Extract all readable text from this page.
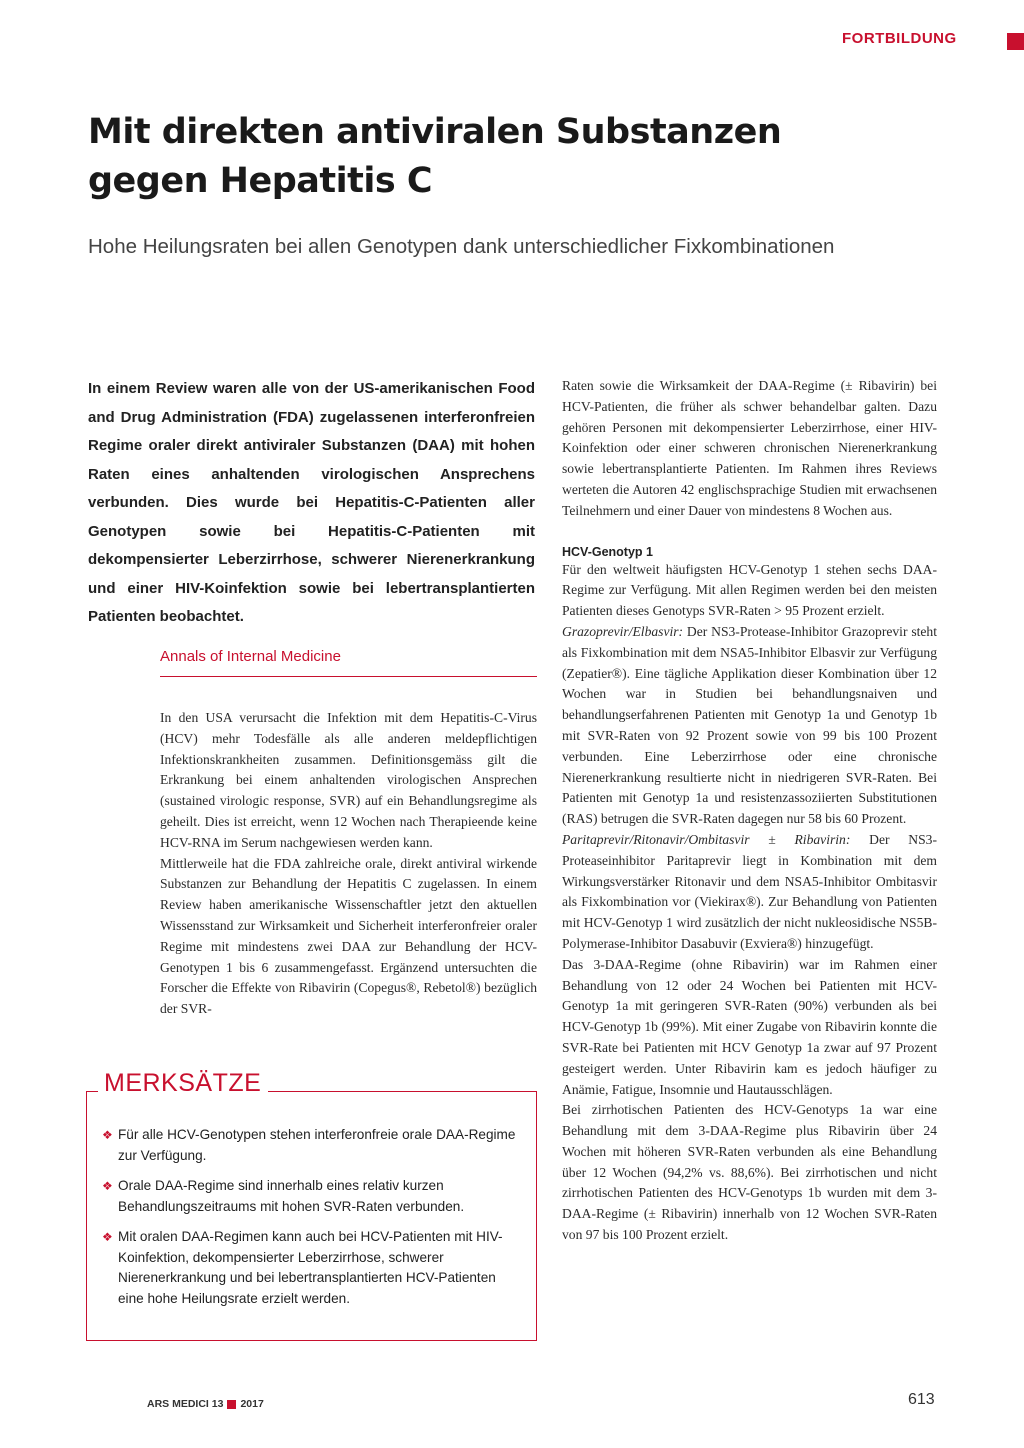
FORTBILDUNG
Mit direkten antiviralen Substanzen
gegen Hepatitis C

Hohe Heilungsraten bei allen Genotypen dank unterschiedlicher Fixkombinationen

In einem Review waren alle von der US-amerikanischen Food and Drug Administration (FDA) zugelassenen interferonfreien Regime oraler direkt antiviraler Substanzen (DAA) mit hohen Raten eines anhaltenden virologischen Ansprechens verbunden. Dies wurde bei Hepatitis-C-Patienten aller Genotypen sowie bei Hepatitis-C-Patienten mit dekompensierter Leberzirrhose, schwerer Nierenerkrankung und einer HIV-Koinfektion sowie bei lebertransplantierten Patienten beobachtet.

Annals of Internal Medicine

In den USA verursacht die Infektion mit dem Hepatitis-C-Virus (HCV) mehr Todesfälle als alle anderen meldepflichtigen Infektionskrankheiten zusammen. Definitionsgemäss gilt die Erkrankung bei einem anhaltenden virologischen Ansprechen (sustained virologic response, SVR) auf ein Behandlungsregime als geheilt. Dies ist erreicht, wenn 12 Wochen nach Therapieende keine HCV-RNA im Serum nachgewiesen werden kann.

Mittlerweile hat die FDA zahlreiche orale, direkt antiviral wirkende Substanzen zur Behandlung der Hepatitis C zugelassen. In einem Review haben amerikanische Wissenschaftler jetzt den aktuellen Wissensstand zur Wirksamkeit und Sicherheit interferonfreier oraler Regime mit mindestens zwei DAA zur Behandlung der HCV-Genotypen 1 bis 6 zusammengefasst. Ergänzend untersuchten die Forscher die Effekte von Ribavirin (Copegus®, Rebetol®) bezüglich der SVR-

Raten sowie die Wirksamkeit der DAA-Regime (± Ribavirin) bei HCV-Patienten, die früher als schwer behandelbar galten. Dazu gehören Personen mit dekompensierter Leberzirrhose, einer HIV-Koinfektion oder einer schweren chronischen Nierenerkrankung sowie lebertransplantierte Patienten. Im Rahmen ihres Reviews werteten die Autoren 42 englischsprachige Studien mit erwachsenen Teilnehmern und einer Dauer von mindestens 8 Wochen aus.

HCV-Genotyp 1

Für den weltweit häufigsten HCV-Genotyp 1 stehen sechs DAA-Regime zur Verfügung. Mit allen Regimen werden bei den meisten Patienten dieses Genotyps SVR-Raten > 95 Prozent erzielt.

Grazoprevir/Elbasvir: Der NS3-Protease-Inhibitor Grazoprevir steht als Fixkombination mit dem NSA5-Inhibitor Elbasvir zur Verfügung (Zepatier®). Eine tägliche Applikation dieser Kombination über 12 Wochen war in Studien bei behandlungsnaiven und behandlungserfahrenen Patienten mit Genotyp 1a und Genotyp 1b mit SVR-Raten von 92 Prozent sowie von 99 bis 100 Prozent verbunden. Eine Leberzirrhose oder eine chronische Nierenerkrankung resultierte nicht in niedrigeren SVR-Raten. Bei Patienten mit Genotyp 1a und resistenzassoziierten Substitutionen (RAS) betrugen die SVR-Raten dagegen nur 58 bis 60 Prozent.

Paritaprevir/Ritonavir/Ombitasvir ± Ribavirin: Der NS3-Proteaseinhibitor Paritaprevir liegt in Kombination mit dem Wirkungsverstärker Ritonavir und dem NSA5-Inhibitor Ombitasvir als Fixkombination vor (Viekirax®). Zur Behandlung von Patienten mit HCV-Genotyp 1 wird zusätzlich der nicht nukleosidische NS5B-Polymerase-Inhibitor Dasabuvir (Exviera®) hinzugefügt.

Das 3-DAA-Regime (ohne Ribavirin) war im Rahmen einer Behandlung von 12 oder 24 Wochen bei Patienten mit HCV-Genotyp 1a mit geringeren SVR-Raten (90%) verbunden als bei HCV-Genotyp 1b (99%). Mit einer Zugabe von Ribavirin konnte die SVR-Rate bei Patienten mit HCV Genotyp 1a zwar auf 97 Prozent gesteigert werden. Unter Ribavirin kam es jedoch häufiger zu Anämie, Fatigue, Insomnie und Hautausschlägen.

Bei zirrhotischen Patienten des HCV-Genotyps 1a war eine Behandlung mit dem 3-DAA-Regime plus Ribavirin über 24 Wochen mit höheren SVR-Raten verbunden als eine Behandlung über 12 Wochen (94,2% vs. 88,6%). Bei zirrhotischen und nicht zirrhotischen Patienten des HCV-Genotyps 1b wurden mit dem 3-DAA-Regime (± Ribavirin) innerhalb von 12 Wochen SVR-Raten von 97 bis 100 Prozent erzielt.

MERKSÄTZE
❖ Für alle HCV-Genotypen stehen interferonfreie orale DAA-Regime zur Verfügung.
❖ Orale DAA-Regime sind innerhalb eines relativ kurzen Behandlungszeitraums mit hohen SVR-Raten verbunden.
❖ Mit oralen DAA-Regimen kann auch bei HCV-Patienten mit HIV-Koinfektion, dekompensierter Leberzirrhose, schwerer Nierenerkrankung und bei lebertransplantierten HCV-Patienten eine hohe Heilungsrate erzielt werden.
ARS MEDICI 13 2017	613
